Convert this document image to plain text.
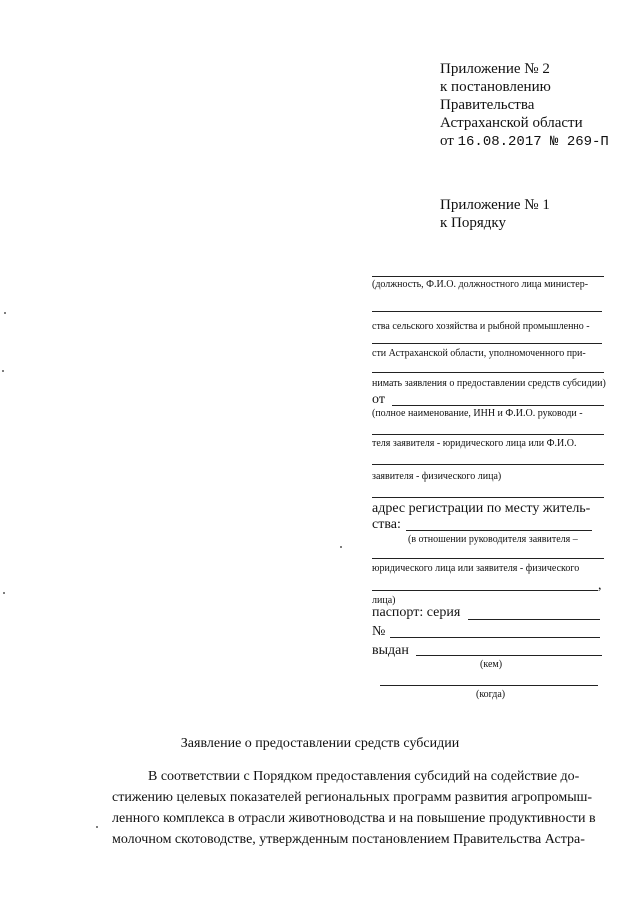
Приложение № 2
к постановлению
Правительства
Астраханской области
от 16.08.2017 № 269-П
Приложение № 1
к Порядку
(должность, Ф.И.О. должностного лица министер-
ства сельского хозяйства и рыбной промышленно -
сти Астраханской области, уполномоченного при-
нимать заявления о предоставлении средств субсидии)
от
(полное наименование, ИНН и Ф.И.О. руководи -
теля заявителя - юридического лица или Ф.И.О.
заявителя - физического лица)
адрес регистрации по месту житель-
ства:
(в отношении руководителя заявителя –
юридического лица или заявителя - физического
,
лица)
паспорт: серия
№
выдан
(кем)
(когда)
Заявление о предоставлении средств субсидии
В соответствии с Порядком предоставления субсидий на содействие до-
стижению целевых показателей региональных программ развития агропромыш-
ленного комплекса в отрасли животноводства и на повышение продуктивности в
молочном скотоводстве, утвержденным постановлением Правительства Астра-
